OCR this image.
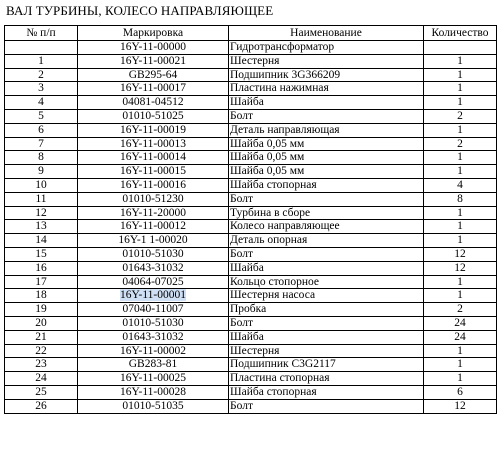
ВАЛ ТУРБИНЫ, КОЛЕСО НАПРАВЛЯЮЩЕЕ
№ п/п	Маркировка	Наименование	Количество
	16Y-11-00000	Гидротрансформатор	
1	16Y-11-00021	Шестерня	1
2	GB295-64	Подшипник 3G366209	1
3	16Y-11-00017	Пластина нажимная	1
4	04081-04512	Шайба	1
5	01010-51025	Болт	2
6	16Y-11-00019	Деталь направляющая	1
7	16Y-11-00013	Шайба 0,05 мм	2
8	16Y-11-00014	Шайба 0,05 мм	1
9	16Y-11-00015	Шайба 0,05 мм	1
10	16Y-11-00016	Шайба стопорная	4
11	01010-51230	Болт	8
12	16Y-11-20000	Турбина в сборе	1
13	16Y-11-00012	Колесо направляющее	1
14	16Y-1 1-00020	Деталь опорная	1
15	01010-51030	Болт	12
16	01643-31032	Шайба	12
17	04064-07025	Кольцо стопорное	1
18	16Y-11-00001	Шестерня насоса	1
19	07040-11007	Пробка	2
20	01010-51030	Болт	24
21	01643-31032	Шайба	24
22	16Y-11-00002	Шестерня	1
23	GB283-81	Подшипник C3G2117	1
24	16Y-11-00025	Пластина стопорная	1
25	16Y-11-00028	Шайба стопорная	6
26	01010-51035	Болт	12
